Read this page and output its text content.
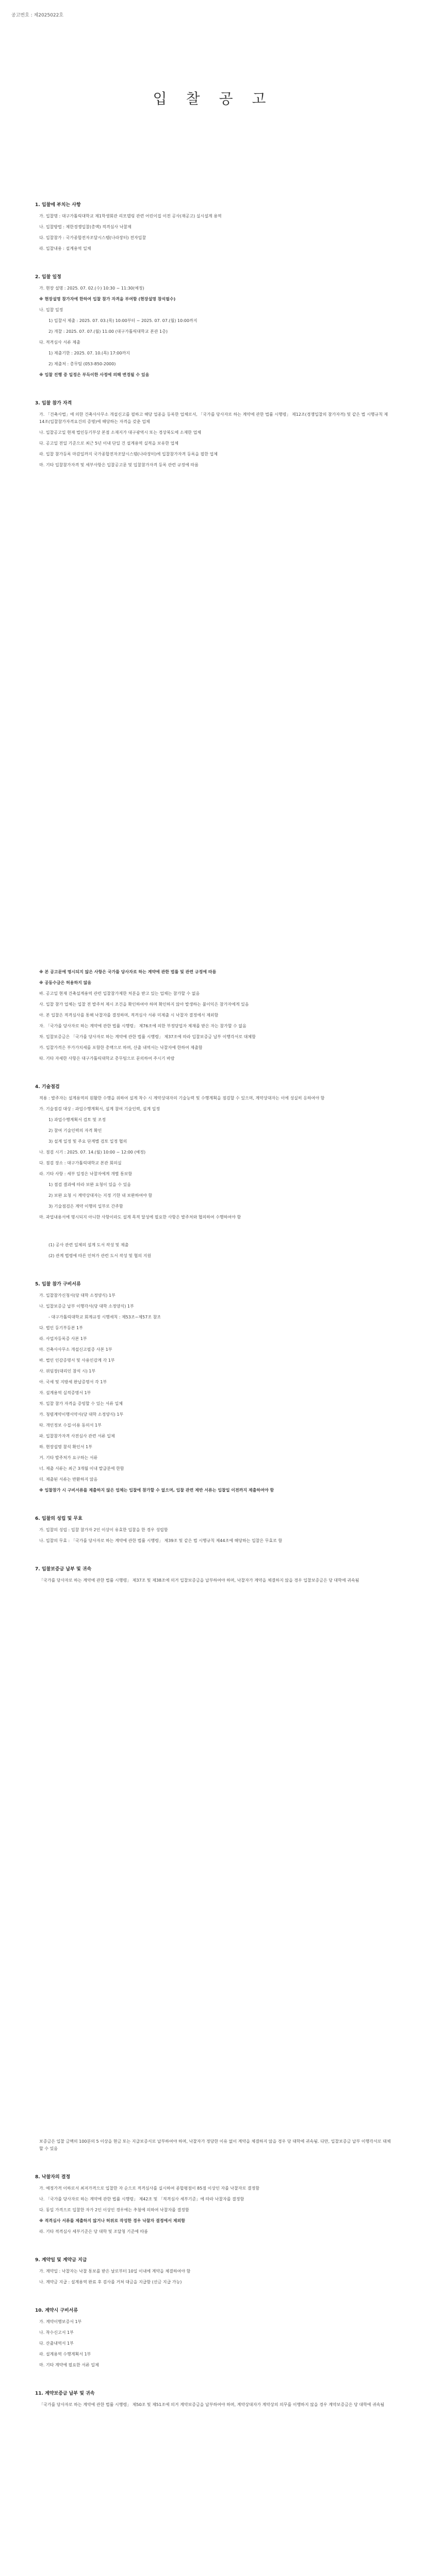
공고번호 : 제2025022호
입 찰 공 고
1. 입찰에 부치는 사항
가. 입찰명 : 대구가톨릭대학교 제1학생회관 리모델링 관련 어린이집 이전 공사(재공고) 실시설계 용역
나. 입찰방법 : 제한경쟁입찰(총액) 적격심사 낙찰제
다. 입찰참가 : 국가종합전자조달시스템(나라장터) 전자입찰
라. 입찰내용 : 설계용역 일체
2. 입찰 일정
가. 현장 설명 : 2025. 07. 02.(수) 10:30 ~ 11:30(예정)
※ 현장설명 참가자에 한하여 입찰 참가 자격을 부여함 (현장설명 참석필수)
나. 입찰 일정
1) 입찰서 제출 : 2025. 07. 03.(목) 10:00부터 ~ 2025. 07. 07.(월) 10:00까지
2) 개찰 : 2025. 07. 07.(월) 11:00 (대구가톨릭대학교 본관 1층)
다. 적격심사 서류 제출
1) 제출기한 : 2025. 07. 10.(목) 17:00까지
2) 제출처 : 총무팀 (053-850-2000)
※ 입찰 진행 중 일정은 부득이한 사정에 의해 변경될 수 있음
3. 입찰 참가 자격
가. 「건축사법」에 의한 건축사사무소 개설신고를 필하고 해당 업종을 등록한 업체로서, 「국가를 당사자로 하는 계약에 관한 법률 시행령」 제12조(경쟁입찰의 참가자격) 및 같은 법 시행규칙 제14조(입찰참가자격요건의 증명)에 해당하는 자격을 갖춘 업체
나. 입찰공고일 현재 법인등기부상 본점 소재지가 대구광역시 또는 경상북도에 소재한 업체
다. 공고일 전일 기준으로 최근 5년 이내 단일 건 설계용역 실적을 보유한 업체
라. 입찰 참가등록 마감일까지 국가종합전자조달시스템(나라장터)에 입찰참가자격 등록을 필한 업체
마. 기타 입찰참가자격 및 세부사항은 입찰공고문 및 입찰참가자격 등록 관련 규정에 따름
※ 본 공고문에 명시되지 않은 사항은 국가를 당사자로 하는 계약에 관한 법률 및 관련 규정에 따름
※ 공동수급은 허용하지 않음
바. 공고일 현재 건축설계용역 관련 입찰참가제한 처분을 받고 있는 업체는 참가할 수 없음
사. 입찰 참가 업체는 입찰 전 발주처 제시 조건을 확인하여야 하며 확인하지 않아 발생하는 불이익은 참가자에게 있음
아. 본 입찰은 적격심사를 통해 낙찰자를 결정하며, 적격심사 서류 미제출 시 낙찰자 결정에서 제외함
자. 「국가를 당사자로 하는 계약에 관한 법률 시행령」 제76조에 의한 부정당업자 제재를 받은 자는 참가할 수 없음
차. 입찰보증금은 「국가를 당사자로 하는 계약에 관한 법률 시행령」 제37조에 따라 입찰보증금 납부 이행각서로 대체함
카. 입찰가격은 부가가치세를 포함한 총액으로 하며, 산출 내역서는 낙찰자에 한하여 제출함
타. 기타 자세한 사항은 대구가톨릭대학교 총무팀으로 문의하여 주시기 바람
4. 기술점검
적용 : 발주자는 설계용역의 원활한 수행을 위하여 설계 착수 시 계약상대자의 기술능력 및 수행계획을 점검할 수 있으며, 계약상대자는 이에 성실히 응하여야 함
가. 기술점검 대상 : 과업수행계획서, 설계 참여 기술인력, 설계 일정
1) 과업수행계획서 검토 및 조정
2) 참여 기술인력의 자격 확인
3) 설계 일정 및 주요 단계별 검토 일정 협의
나. 점검 시기 : 2025. 07. 14.(월) 10:00 ~ 12:00 (예정)
다. 점검 장소 : 대구가톨릭대학교 본관 회의실
라. 기타 사항 : 세부 일정은 낙찰자에게 개별 통보함
1) 점검 결과에 따라 보완 요청이 있을 수 있음
2) 보완 요청 시 계약상대자는 지정 기한 내 보완하여야 함
3) 기술점검은 계약 이행의 일부로 간주함
마. 과업내용서에 명시되지 아니한 사항이라도 설계 목적 달성에 필요한 사항은 발주처와 협의하여 수행하여야 함
(1) 공사 관련 일체의 설계 도서 작성 및 제출
(2) 관계 법령에 따른 인허가 관련 도서 작성 및 협의 지원
5. 입찰 참가 구비서류
가. 입찰참가신청서(당 대학 소정양식) 1부
나. 입찰보증금 납부 이행각서(당 대학 소정양식) 1부
- 대구가톨릭대학교 회계규정 시행세칙 : 제53조~제57조 참조
다. 법인 등기부등본 1부
라. 사업자등록증 사본 1부
마. 건축사사무소 개설신고필증 사본 1부
바. 법인 인감증명서 및 사용인감계 각 1부
사. 위임장(대리인 참석 시) 1부
아. 국세 및 지방세 완납증명서 각 1부
자. 설계용역 실적증명서 1부
차. 입찰 참가 자격을 증빙할 수 있는 서류 일체
카. 청렴계약이행서약서(당 대학 소정양식) 1부
타. 개인정보 수집·이용 동의서 1부
파. 입찰참가자격 사전심사 관련 서류 일체
하. 현장설명 참석 확인서 1부
거. 기타 발주처가 요구하는 서류
너. 제출 서류는 최근 3개월 이내 발급분에 한함
더. 제출된 서류는 반환하지 않음
※ 입찰참가 시 구비서류를 제출하지 않은 업체는 입찰에 참가할 수 없으며, 입찰 관련 제반 서류는 입찰일 이전까지 제출하여야 함
6. 입찰의 성립 및 무효
가. 입찰의 성립 : 입찰 참가자 2인 이상이 유효한 입찰을 한 경우 성립함
나. 입찰의 무효 : 「국가를 당사자로 하는 계약에 관한 법률 시행령」 제39조 및 같은 법 시행규칙 제44조에 해당하는 입찰은 무효로 함
7. 입찰보증금 납부 및 귀속
「국가를 당사자로 하는 계약에 관한 법률 시행령」 제37조 및 제38조에 의거 입찰보증금을 납부하여야 하며, 낙찰자가 계약을 체결하지 않을 경우 입찰보증금은 당 대학에 귀속됨
보증금은 입찰 금액의 100분의 5 이상을 현금 또는 지급보증서로 납부하여야 하며, 낙찰자가 정당한 이유 없이 계약을 체결하지 않을 경우 당 대학에 귀속됨. 다만, 입찰보증금 납부 이행각서로 대체할 수 있음
8. 낙찰자의 결정
가. 예정가격 이하로서 최저가격으로 입찰한 자 순으로 적격심사를 실시하여 종합평점이 85점 이상인 자를 낙찰자로 결정함
나. 「국가를 당사자로 하는 계약에 관한 법률 시행령」 제42조 및 「적격심사 세부기준」에 따라 낙찰자를 결정함
다. 동일 가격으로 입찰한 자가 2인 이상인 경우에는 추첨에 의하여 낙찰자를 결정함
※ 적격심사 서류를 제출하지 않거나 허위로 작성한 경우 낙찰자 결정에서 제외함
라. 기타 적격심사 세부기준은 당 대학 및 조달청 기준에 따름
9. 계약일 및 계약금 지급
가. 계약일 : 낙찰자는 낙찰 통보를 받은 날로부터 10일 이내에 계약을 체결하여야 함
나. 계약금 지급 : 설계용역 완료 후 검사를 거쳐 대금을 지급함 (선금 지급 가능)
10. 계약시 구비서류
가. 계약이행보증서 1부
나. 착수신고서 1부
다. 산출내역서 1부
라. 설계용역 수행계획서 1부
마. 기타 계약에 필요한 서류 일체
11. 계약보증금 납부 및 귀속
「국가를 당사자로 하는 계약에 관한 법률 시행령」 제50조 및 제51조에 의거 계약보증금을 납부하여야 하며, 계약상대자가 계약상의 의무를 이행하지 않을 경우 계약보증금은 당 대학에 귀속됨
